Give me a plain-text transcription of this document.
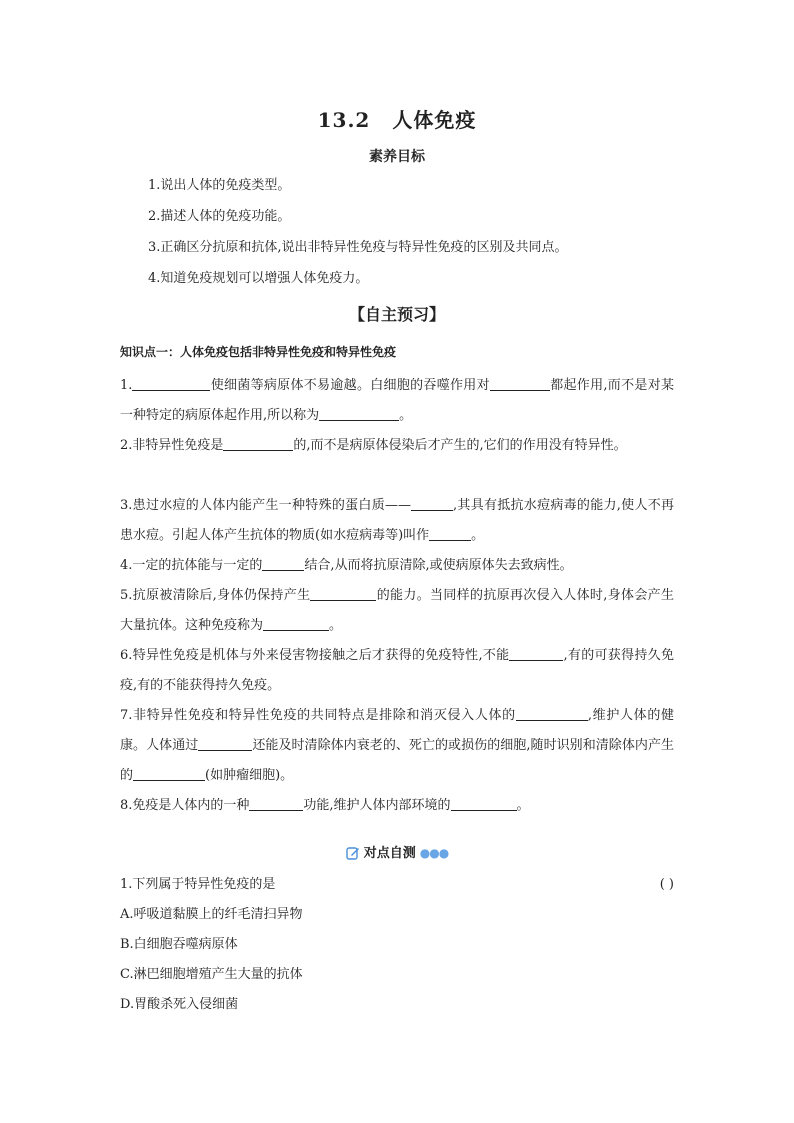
13.2 人体免疫
素养目标
1.说出人体的免疫类型。
2.描述人体的免疫功能。
3.正确区分抗原和抗体,说出非特异性免疫与特异性免疫的区别及共同点。
4.知道免疫规划可以增强人体免疫力。
【自主预习】
知识点一：人体免疫包括非特异性免疫和特异性免疫
1.	使细菌等病原体不易逾越。白细胞的吞噬作用对	都起作用,而不是对某一种特定的病原体起作用,所以称为	。
2.非特异性免疫是	的,而不是病原体侵染后才产生的,它们的作用没有特异性。
3.患过水痘的人体内能产生一种特殊的蛋白质——	,其具有抵抗水痘病毒的能力,使人不再患水痘。引起人体产生抗体的物质(如水痘病毒等)叫作	。
4.一定的抗体能与一定的	结合,从而将抗原清除,或使病原体失去致病性。
5.抗原被清除后,身体仍保持产生	的能力。当同样的抗原再次侵入人体时,身体会产生大量抗体。这种免疫称为	。
6.特异性免疫是机体与外来侵害物接触之后才获得的免疫特性,不能	,有的可获得持久免疫,有的不能获得持久免疫。
7.非特异性免疫和特异性免疫的共同特点是排除和消灭侵入人体的	,维护人体的健康。人体通过	还能及时清除体内衰老的、死亡的或损伤的细胞,随时识别和清除体内产生的	(如肿瘤细胞)。
8.免疫是人体内的一种	功能,维护人体内部环境的	。
对点自测 ●●●
1.下列属于特异性免疫的是	( )
A.呼吸道黏膜上的纤毛清扫异物
B.白细胞吞噬病原体
C.淋巴细胞增殖产生大量的抗体
D.胃酸杀死入侵细菌
